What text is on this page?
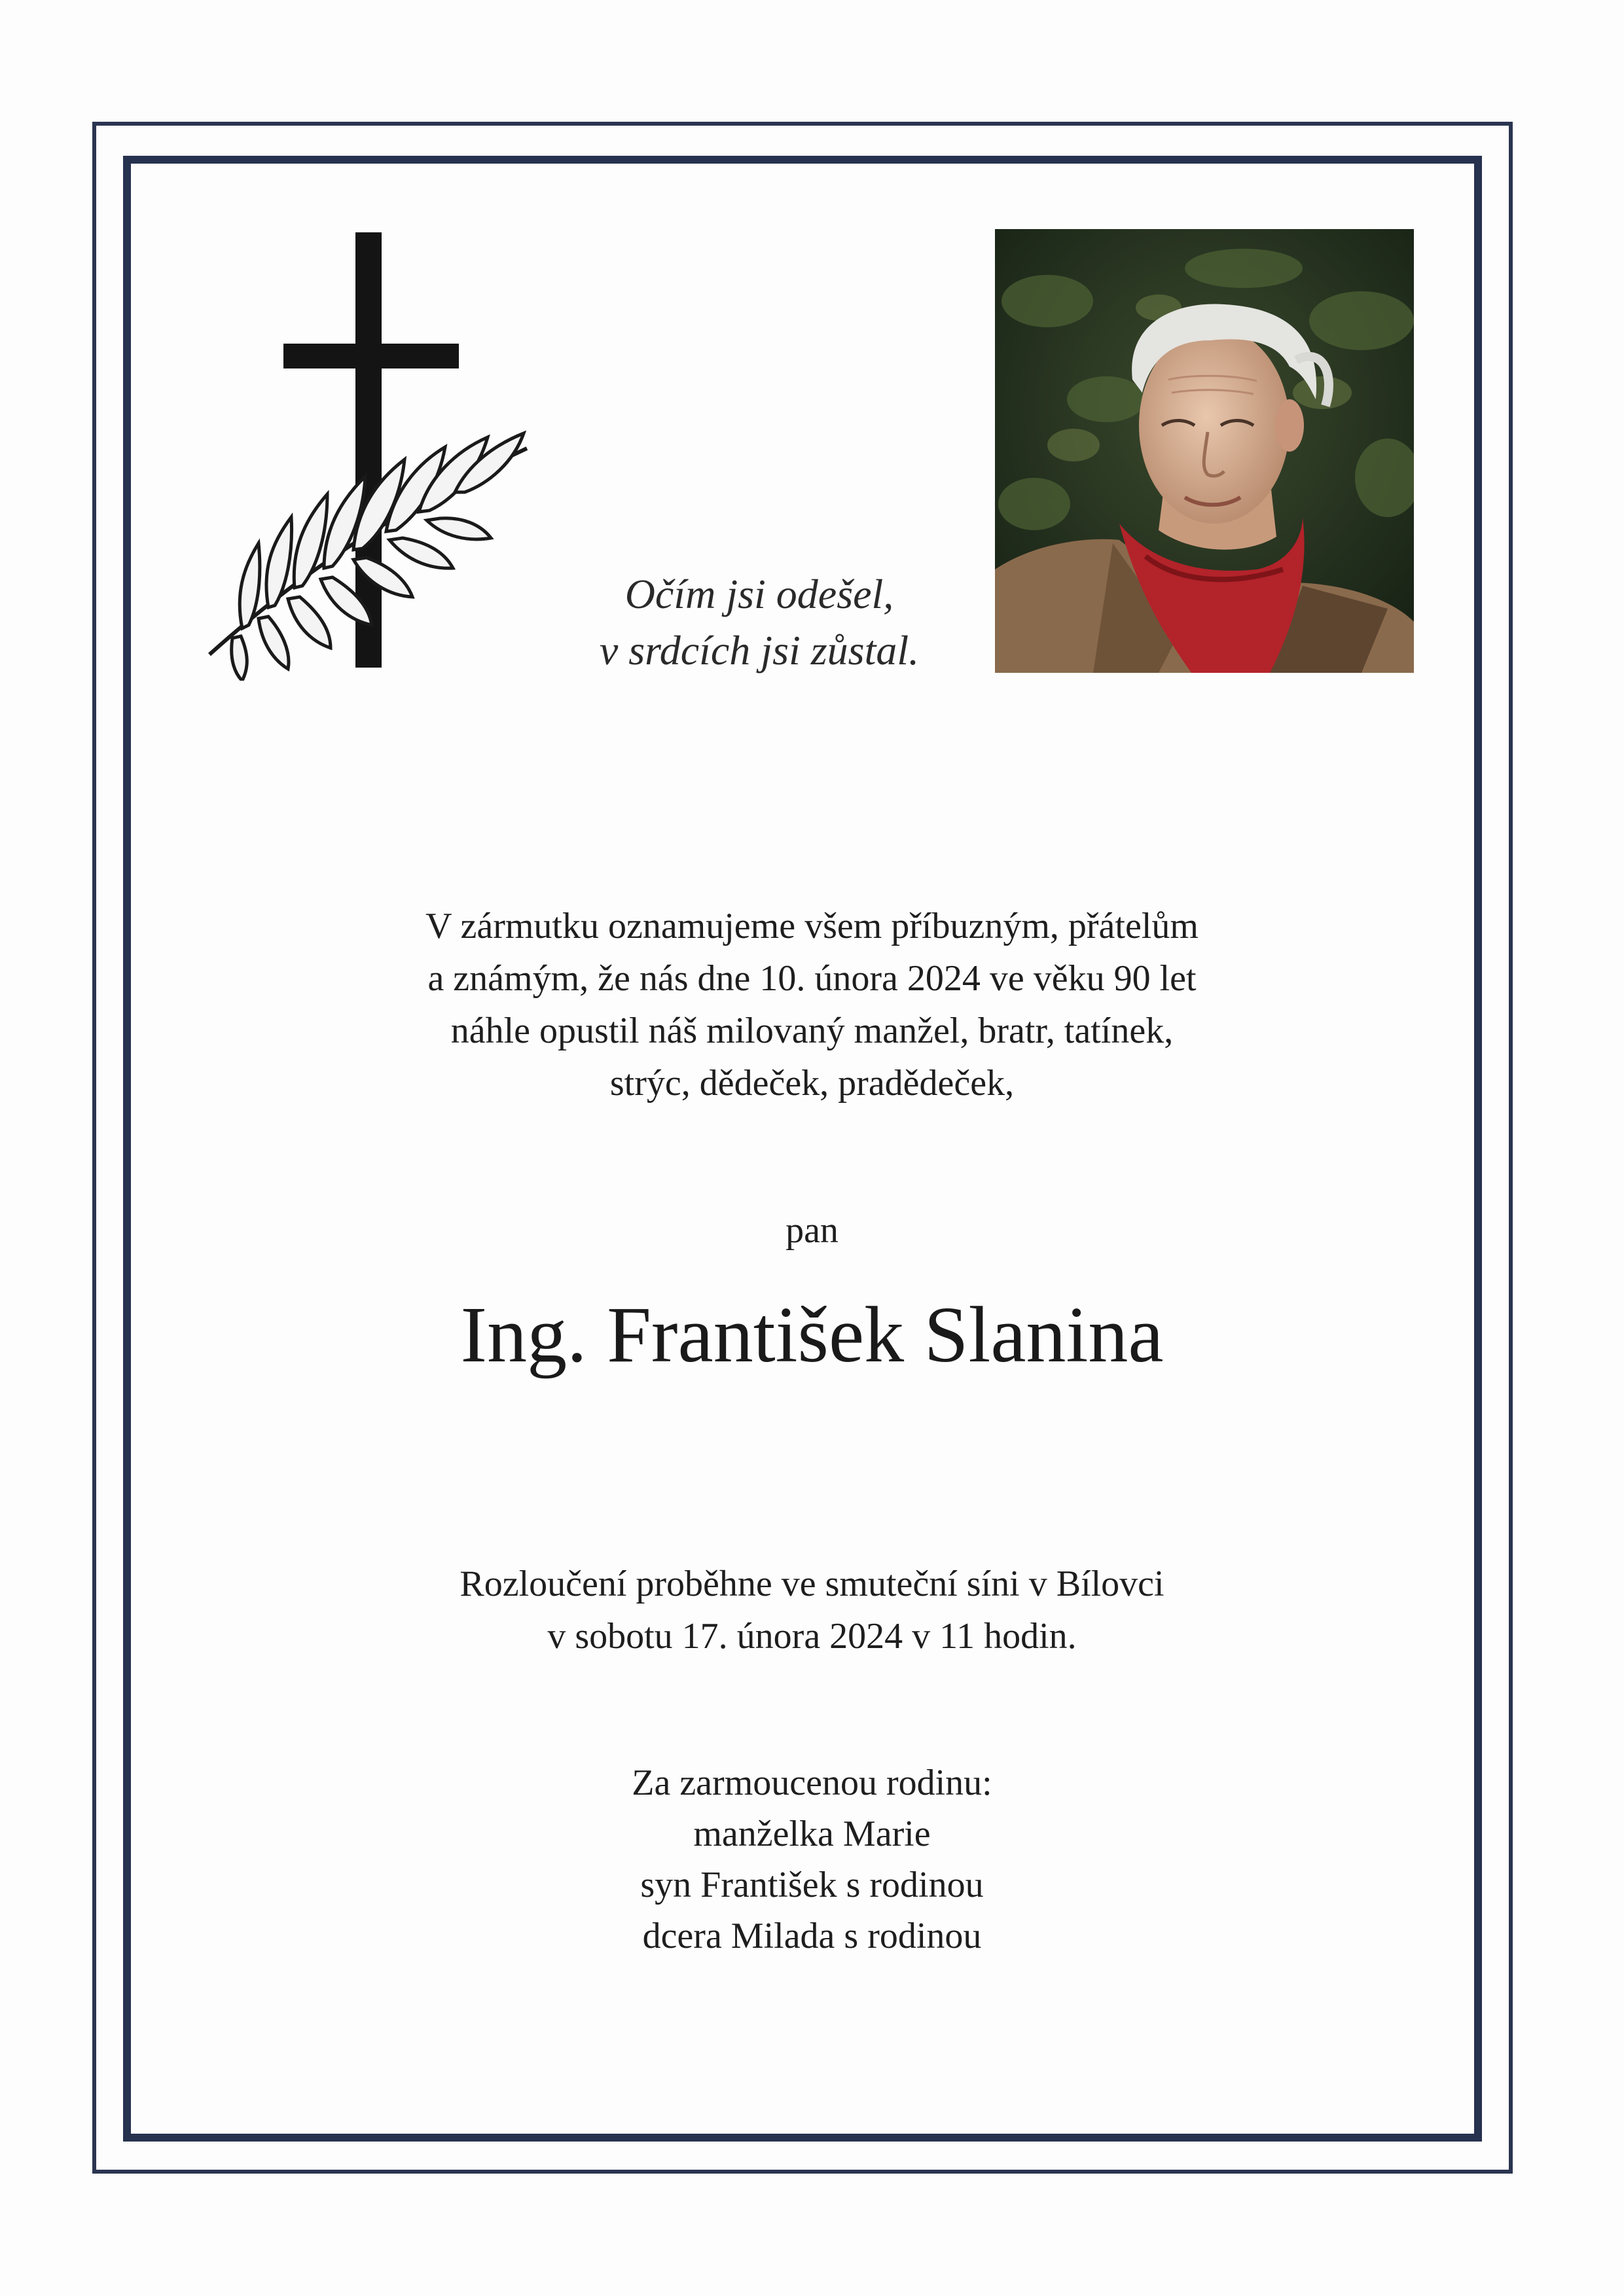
Očím jsi odešel,
v srdcích jsi zůstal.
V zármutku oznamujeme všem příbuzným, přátelům
a známým, že nás dne 10. února 2024 ve věku 90 let
náhle opustil náš milovaný manžel, bratr, tatínek,
strýc, dědeček, pradědeček,
pan
Ing. František Slanina
Rozloučení proběhne ve smuteční síni v Bílovci
v sobotu 17. února 2024 v 11 hodin.
Za zarmoucenou rodinu:
manželka Marie
syn František s rodinou
dcera Milada s rodinou
